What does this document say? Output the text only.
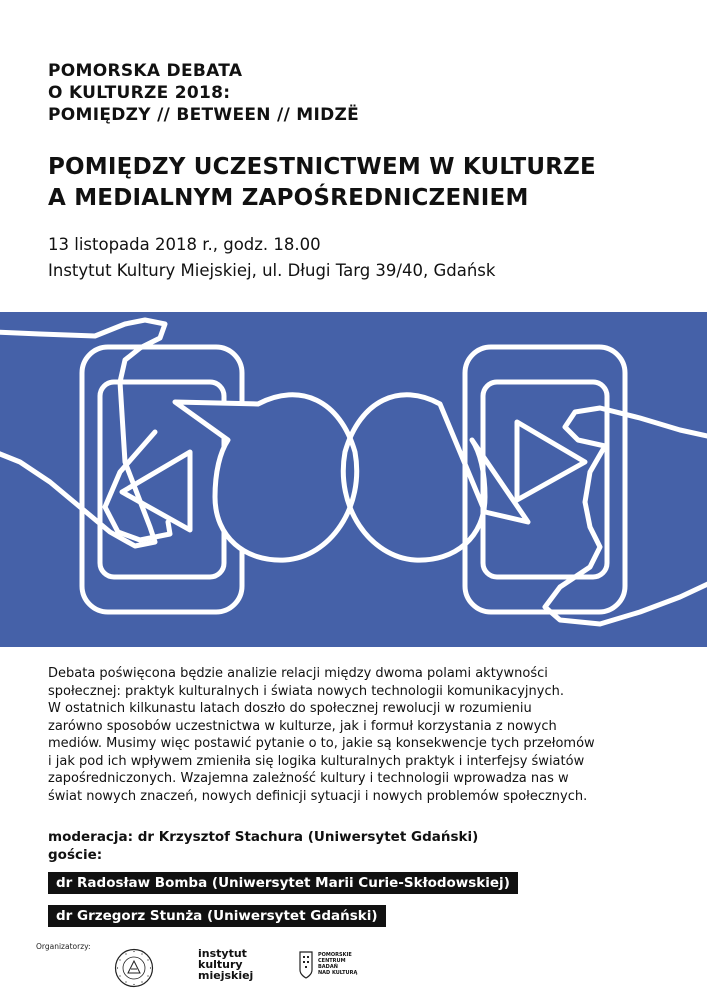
POMORSKA DEBATA
O KULTURZE 2018:
POMIĘDZY // BETWEEN // MIDZË
POMIĘDZY UCZESTNICTWEM W KULTURZE
A MEDIALNYM ZAPOŚREDNICZENIEM
13 listopada 2018 r., godz. 18.00
Instytut Kultury Miejskiej, ul. Długi Targ 39/40, Gdańsk
Debata poświęcona będzie analizie relacji między dwoma polami aktywności
społecznej: praktyk kulturalnych i świata nowych technologii komunikacyjnych.
W ostatnich kilkunastu latach doszło do społecznej rewolucji w rozumieniu
zarówno sposobów uczestnictwa w kulturze, jak i formuł korzystania z nowych
mediów. Musimy więc postawić pytanie o to, jakie są konsekwencje tych przełomów
i jak pod ich wpływem zmieniła się logika kulturalnych praktyk i interfejsy światów
zapośredniczonych. Wzajemna zależność kultury i technologii wprowadza nas w
świat nowych znaczeń, nowych definicji sytuacji i nowych problemów społecznych.
moderacja: dr Krzysztof Stachura (Uniwersytet Gdański)
goście:
dr Radosław Bomba (Uniwersytet Marii Curie-Skłodowskiej)
dr Grzegorz Stunża (Uniwersytet Gdański)
Organizatorzy:
instytut
kultury
miejskiej
POMORSKIE
CENTRUM
BADAŃ
NAD KULTURĄ
